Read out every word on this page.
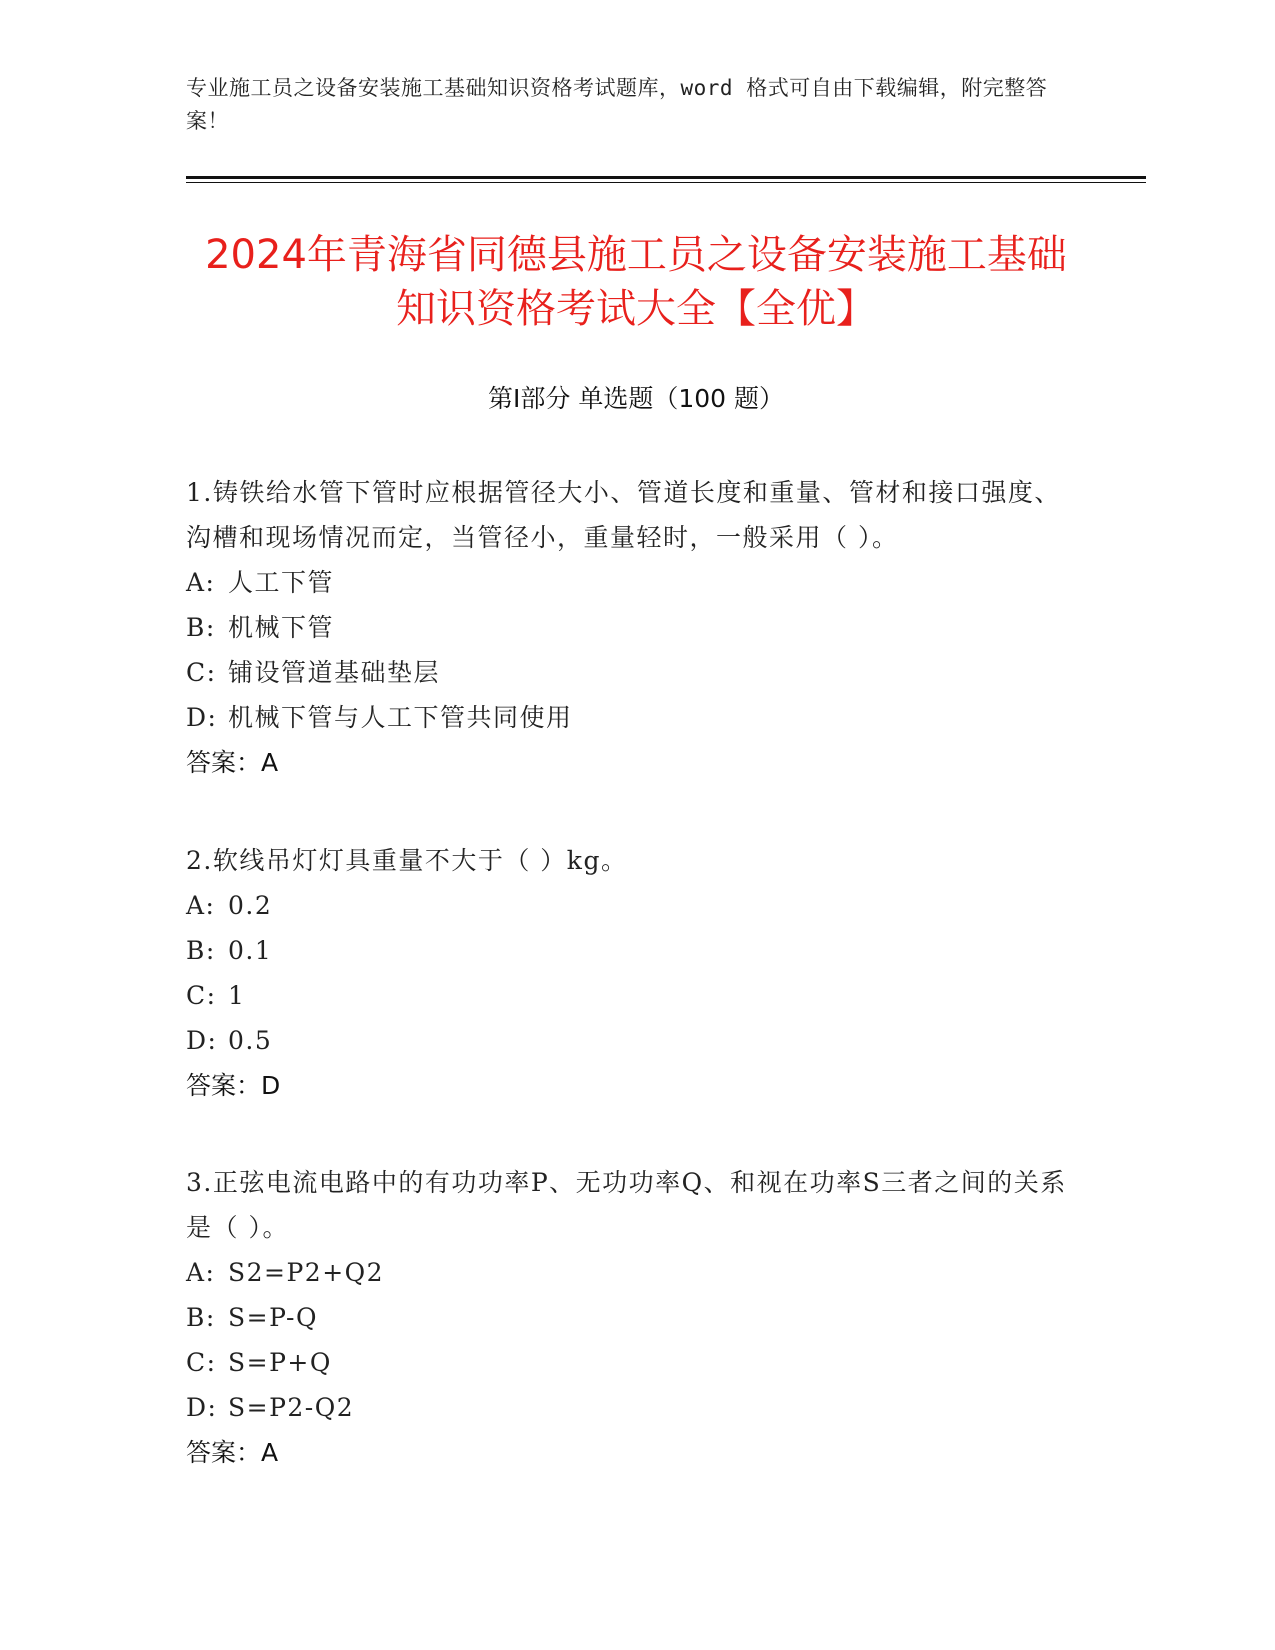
专业施工员之设备安装施工基础知识资格考试题库，word 格式可自由下载编辑，附完整答案！
2024年青海省同德县施工员之设备安装施工基础知识资格考试大全【全优】
第Ⅰ部分 单选题（100 题）
1.铸铁给水管下管时应根据管径大小、管道长度和重量、管材和接口强度、沟槽和现场情况而定，当管径小，重量轻时，一般采用（ ）。
A: 人工下管
B: 机械下管
C: 铺设管道基础垫层
D: 机械下管与人工下管共同使用
答案：A
2.软线吊灯灯具重量不大于（ ）kg。
A: 0.2
B: 0.1
C: 1
D: 0.5
答案：D
3.正弦电流电路中的有功功率P、无功功率Q、和视在功率S三者之间的关系是（ ）。
A: S2=P2+Q2
B: S=P-Q
C: S=P+Q
D: S=P2-Q2
答案：A
